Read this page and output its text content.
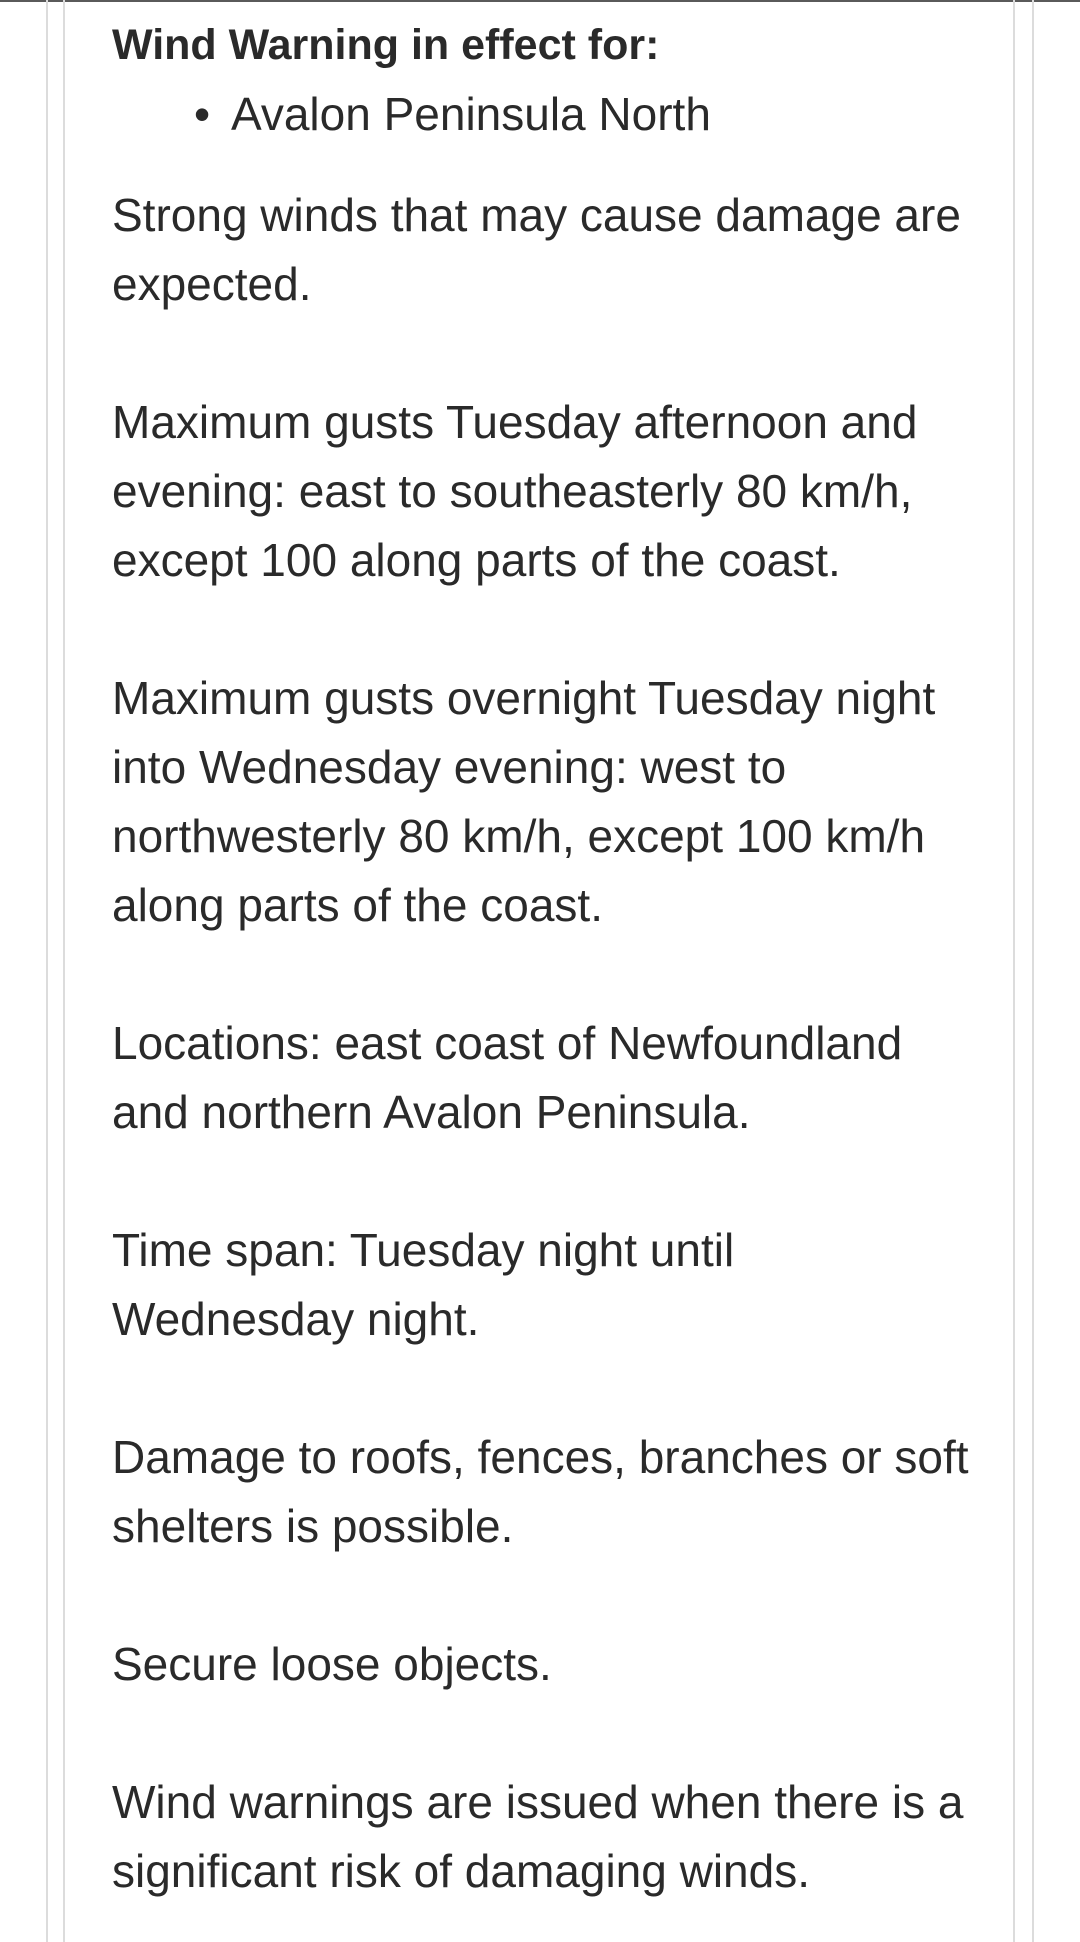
Wind Warning in effect for:
• Avalon Peninsula North

Strong winds that may cause damage are expected.

Maximum gusts Tuesday afternoon and evening: east to southeasterly 80 km/h, except 100 along parts of the coast.

Maximum gusts overnight Tuesday night into Wednesday evening: west to northwesterly 80 km/h, except 100 km/h along parts of the coast.

Locations: east coast of Newfoundland and northern Avalon Peninsula.

Time span: Tuesday night until Wednesday night.

Damage to roofs, fences, branches or soft shelters is possible.

Secure loose objects.

Wind warnings are issued when there is a significant risk of damaging winds.
